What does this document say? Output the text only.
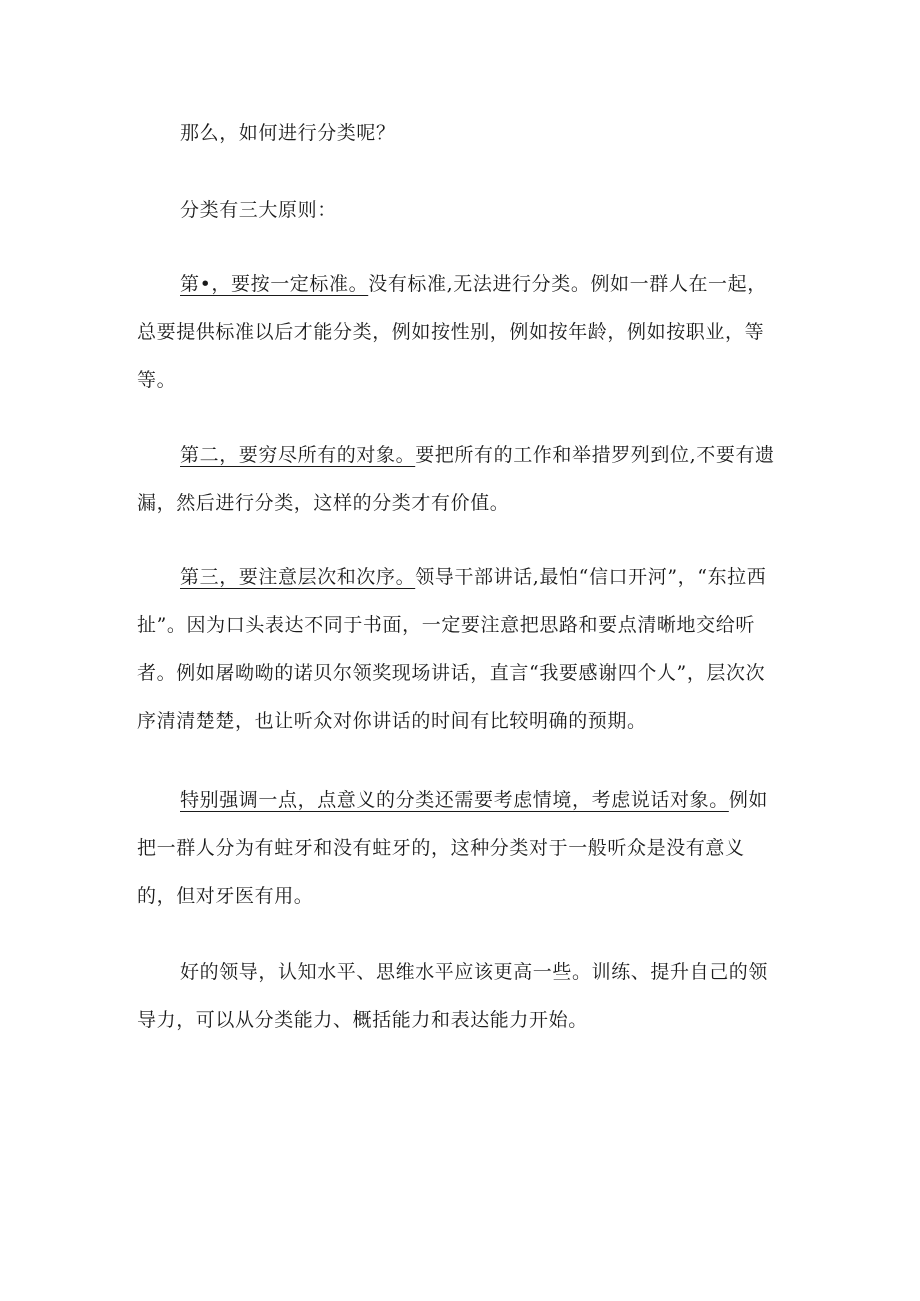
那么，如何进行分类呢？

分类有三大原则：

第•，要按一定标准。没有标准,无法进行分类。例如一群人在一起，总要提供标准以后才能分类，例如按性别，例如按年龄，例如按职业，等等。

第二，要穷尽所有的对象。要把所有的工作和举措罗列到位,不要有遗漏，然后进行分类，这样的分类才有价值。

第三，要注意层次和次序。领导干部讲话,最怕“信口开河”，“东拉西扯”。因为口头表达不同于书面，一定要注意把思路和要点清晰地交给听者。例如屠呦呦的诺贝尔领奖现场讲话，直言“我要感谢四个人”，层次次序清清楚楚，也让听众对你讲话的时间有比较明确的预期。

特别强调一点，点意义的分类还需要考虑情境，考虑说话对象。例如把一群人分为有蛀牙和没有蛀牙的，这种分类对于一般听众是没有意义的，但对牙医有用。

好的领导，认知水平、思维水平应该更高一些。训练、提升自己的领导力，可以从分类能力、概括能力和表达能力开始。
